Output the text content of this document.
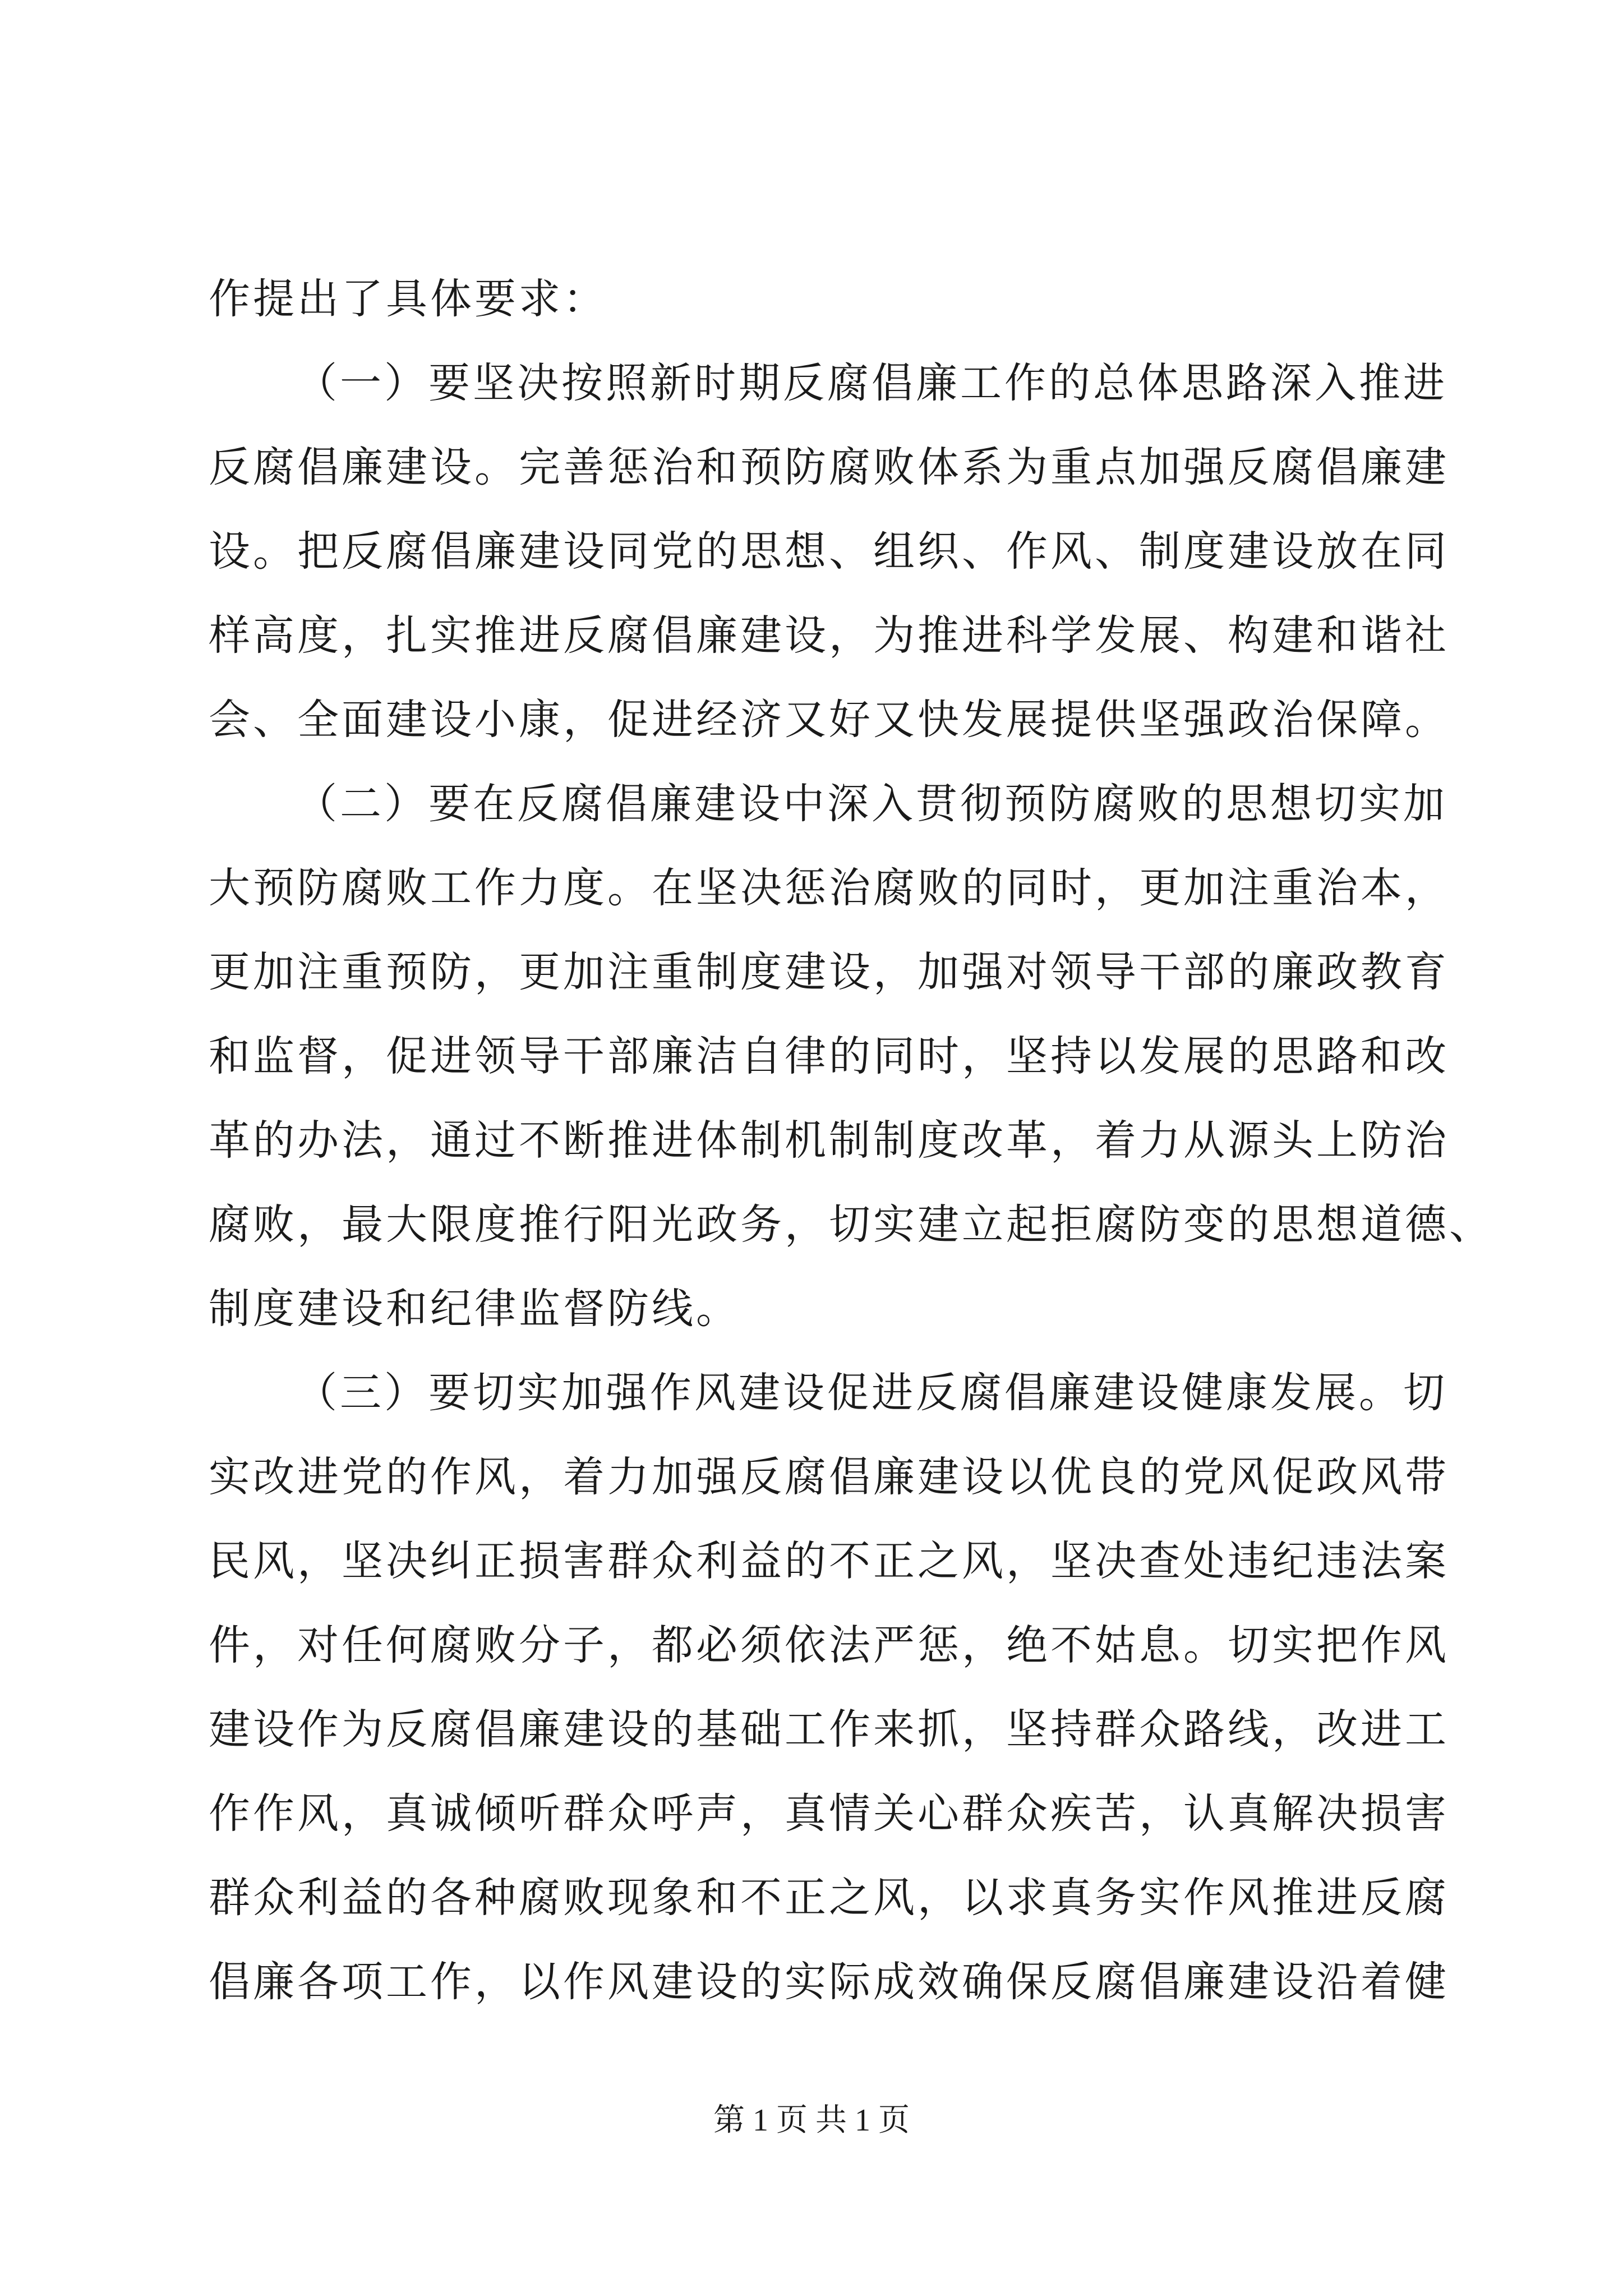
作提出了具体要求：
（一）要坚决按照新时期反腐倡廉工作的总体思路深入推进
反腐倡廉建设。完善惩治和预防腐败体系为重点加强反腐倡廉建
设。把反腐倡廉建设同党的思想、组织、作风、制度建设放在同
样高度，扎实推进反腐倡廉建设，为推进科学发展、构建和谐社
会、全面建设小康，促进经济又好又快发展提供坚强政治保障。
（二）要在反腐倡廉建设中深入贯彻预防腐败的思想切实加
大预防腐败工作力度。在坚决惩治腐败的同时，更加注重治本，
更加注重预防，更加注重制度建设，加强对领导干部的廉政教育
和监督，促进领导干部廉洁自律的同时，坚持以发展的思路和改
革的办法，通过不断推进体制机制制度改革，着力从源头上防治
腐败，最大限度推行阳光政务，切实建立起拒腐防变的思想道德、
制度建设和纪律监督防线。
（三）要切实加强作风建设促进反腐倡廉建设健康发展。切
实改进党的作风，着力加强反腐倡廉建设以优良的党风促政风带
民风，坚决纠正损害群众利益的不正之风，坚决查处违纪违法案
件，对任何腐败分子，都必须依法严惩，绝不姑息。切实把作风
建设作为反腐倡廉建设的基础工作来抓，坚持群众路线，改进工
作作风，真诚倾听群众呼声，真情关心群众疾苦，认真解决损害
群众利益的各种腐败现象和不正之风，以求真务实作风推进反腐
倡廉各项工作，以作风建设的实际成效确保反腐倡廉建设沿着健
第 1 页 共 1 页
